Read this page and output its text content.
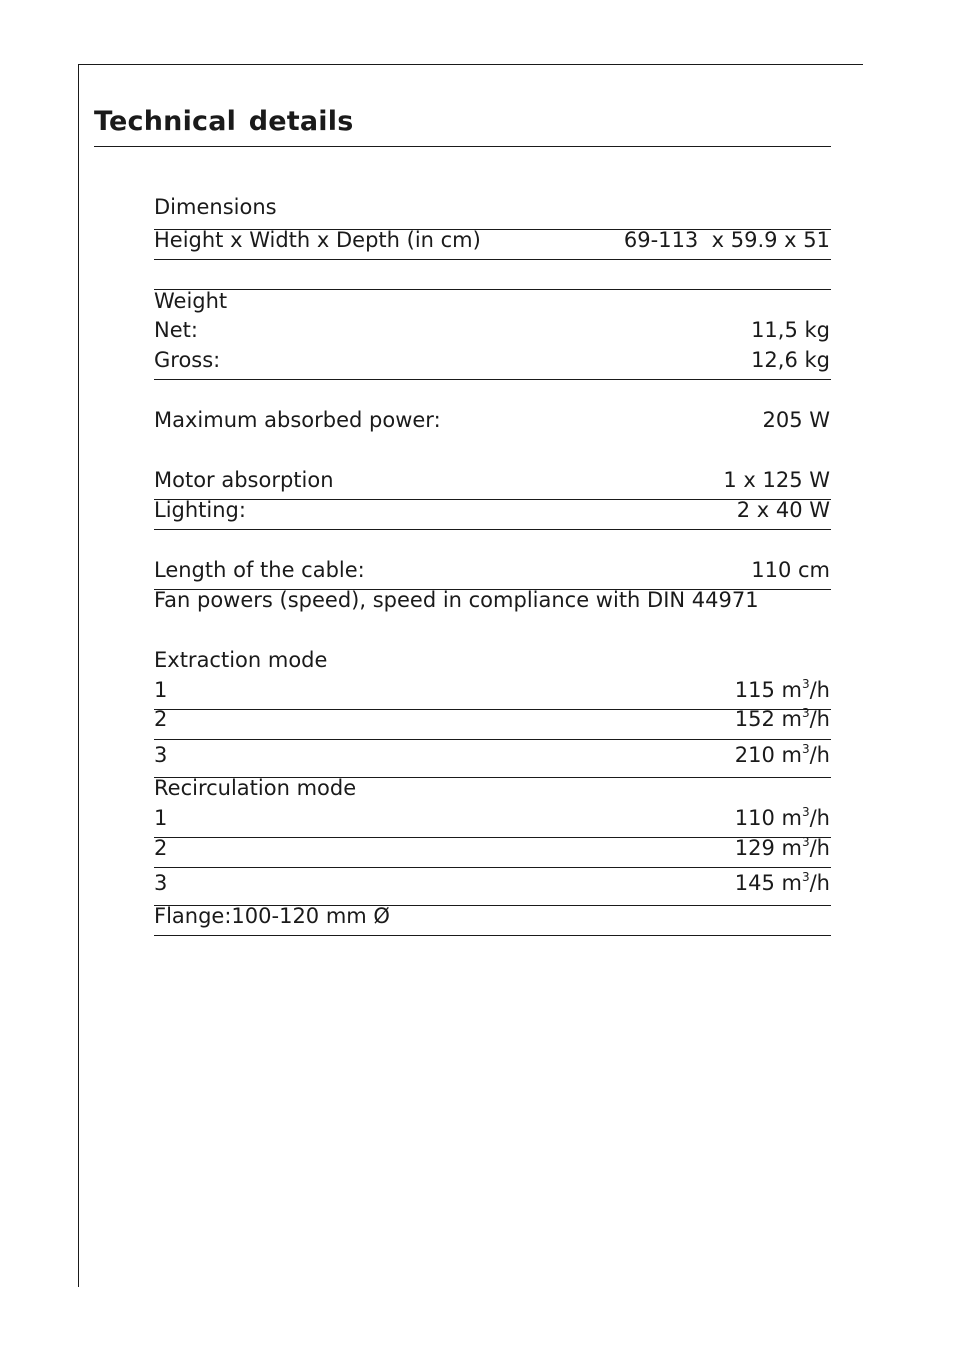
Technical details
Dimensions
Height x Width x Depth (in cm)	69-113  x 59.9 x 51
Weight
Net:	11,5 kg
Gross:	12,6 kg
Maximum absorbed power:	205 W
Motor absorption	1 x 125 W
Lighting:	2 x 40 W
Length of the cable:	110 cm
Fan powers (speed), speed in compliance with DIN 44971
Extraction mode
1	115 $m^3/h$
2	152 $m^3/h$
3	210 $m^3/h$
Recirculation mode
1	110 $m^3/h$
2	129 $m^3/h$
3	145 $m^3/h$
Flange:100-120 mm Ø
